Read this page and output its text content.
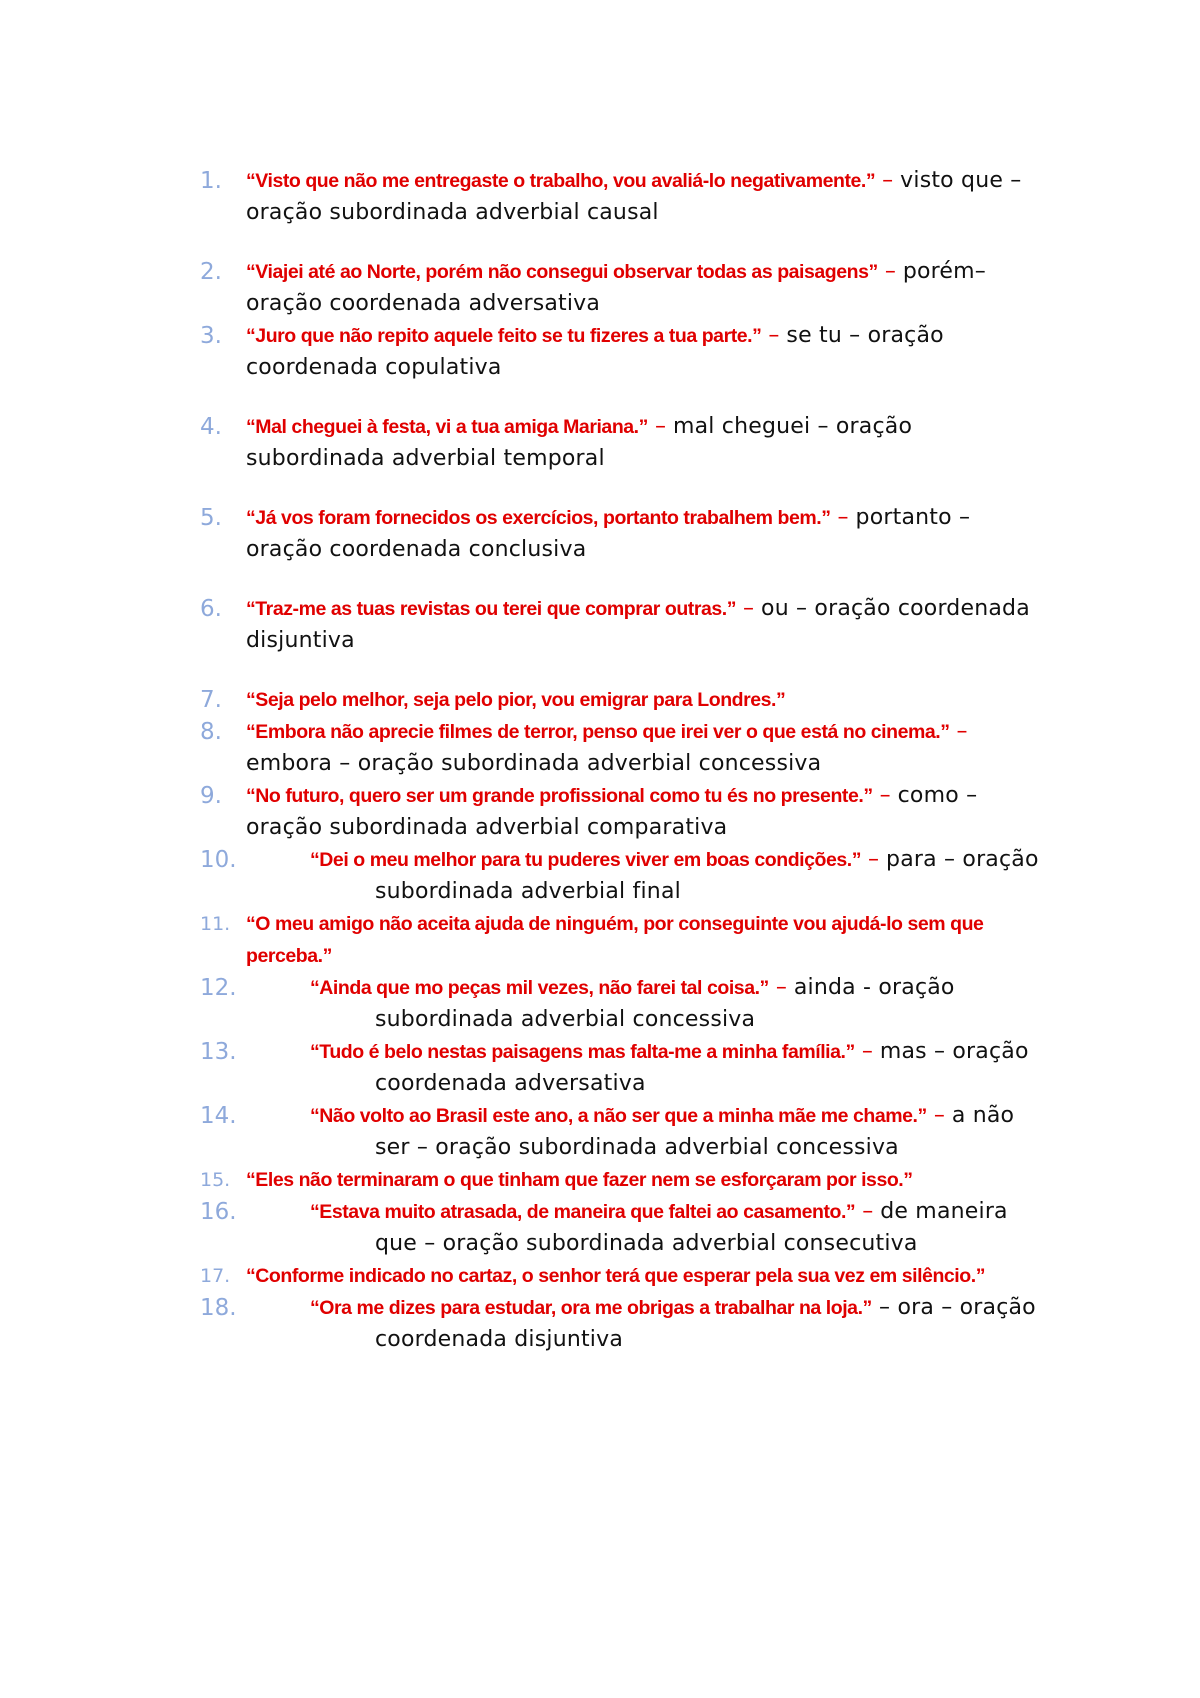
1.	“Visto que não me entregaste o trabalho, vou avaliá-lo negativamente.” – visto que – oração subordinada adverbial causal
2.	“Viajei até ao Norte, porém não consegui observar todas as paisagens” – porém– oração coordenada adversativa
3.	“Juro que não repito aquele feito se tu fizeres a tua parte.” – se tu – oração coordenada copulativa
4.	“Mal cheguei à festa, vi a tua amiga Mariana.” – mal cheguei – oração subordinada adverbial temporal
5.	“Já vos foram fornecidos os exercícios, portanto trabalhem bem.” – portanto – oração coordenada conclusiva
6.	“Traz-me as tuas revistas ou terei que comprar outras.” – ou – oração coordenada disjuntiva
7.	“Seja pelo melhor, seja pelo pior, vou emigrar para Londres.”
8.	“Embora não aprecie filmes de terror, penso que irei ver o que está no cinema.” – embora – oração subordinada adverbial concessiva
9.	“No futuro, quero ser um grande profissional como tu és no presente.” – como – oração subordinada adverbial comparativa
10.	“Dei o meu melhor para tu puderes viver em boas condições.” – para – oração subordinada adverbial final
11. “O meu amigo não aceita ajuda de ninguém, por conseguinte vou ajudá-lo sem que perceba.”
12.	“Ainda que mo peças mil vezes, não farei tal coisa.” – ainda - oração subordinada adverbial concessiva
13.	“Tudo é belo nestas paisagens mas falta-me a minha família.” – mas – oração coordenada adversativa
14.	“Não volto ao Brasil este ano, a não ser que a minha mãe me chame.” – a não ser – oração subordinada adverbial concessiva
15. “Eles não terminaram o que tinham que fazer nem se esforçaram por isso.”
16.	“Estava muito atrasada, de maneira que faltei ao casamento.” – de maneira que – oração subordinada adverbial consecutiva
17. “Conforme indicado no cartaz, o senhor terá que esperar pela sua vez em silêncio.”
18.	“Ora me dizes para estudar, ora me obrigas a trabalhar na loja.” – ora – oração coordenada disjuntiva
